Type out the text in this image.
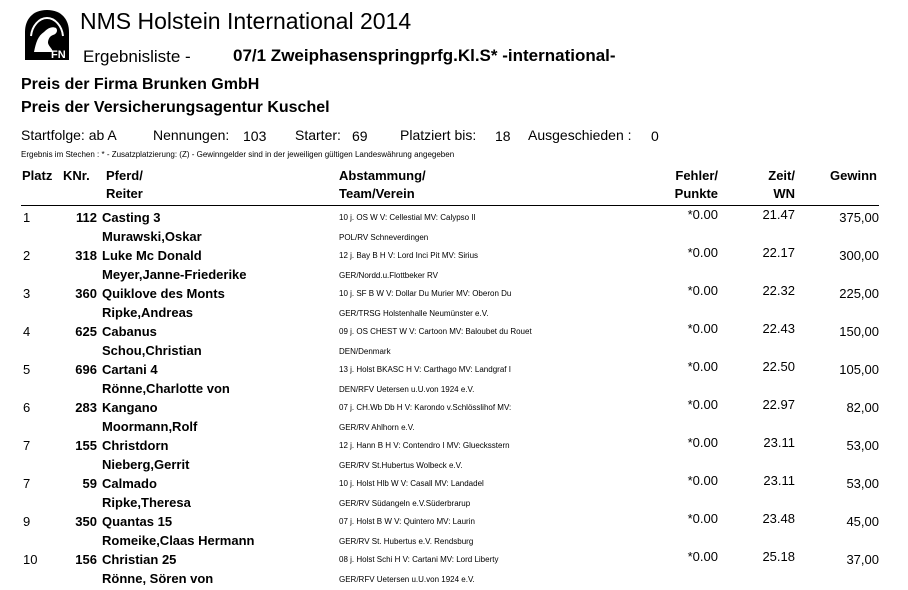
FN
NMS Holstein International 2014
Ergebnisliste - 07/1 Zweiphasenspringprfg.Kl.S* -international-
Preis der Firma Brunken GmbH
Preis der Versicherungsagentur Kuschel
Startfolge: ab A	Nennungen: 103 Starter: 69 Platziert bis: 18 Ausgeschieden : 0
Ergebnis im Stechen : * - Zusatzplatzierung: (Z) - Gewinngelder sind in der jeweiligen gültigen Landeswährung angegeben
Platz KNr. Pferd/
Reiter
Abstammung/
Team/Verein
Fehler/
Punkte
Zeit/
WN
Gewinn
1	112 Casting 3
Murawski,Oskar
10 j. OS W V: Cellestial MV: Calypso II
POL/RV Schneverdingen
*0.00	21.47	375,00
2	318 Luke Mc Donald
Meyer,Janne-Friederike
12 j. Bay B H V: Lord Inci Pit MV: Sirius
GER/Nordd.u.Flottbeker RV
*0.00	22.17	300,00
3	360 Quiklove des Monts
Ripke,Andreas
10 j. SF B W V: Dollar Du Murier MV: Oberon Du
GER/TRSG Holstenhalle Neumünster e.V.
*0.00	22.32	225,00
4	625 Cabanus
Schou,Christian
09 j. OS CHEST W V: Cartoon MV: Baloubet du Rouet
DEN/Denmark
*0.00	22.43	150,00
5	696 Cartani 4
Rönne,Charlotte von
13 j. Holst BKASC H V: Carthago MV: Landgraf I
DEN/RFV Uetersen u.U.von 1924 e.V.
*0.00	22.50	105,00
6	283 Kangano
Moormann,Rolf
07 j. CH.Wb Db H V: Karondo v.Schlösslihof MV:
GER/RV Ahlhorn e.V.
*0.00	22.97	82,00
7	155 Christdorn
Nieberg,Gerrit
12 j. Hann B H V: Contendro I MV: Gluecksstern
GER/RV St.Hubertus Wolbeck e.V.
*0.00	23.11	53,00
7	59 Calmado
Ripke,Theresa
10 j. Holst Hlb W V: Casall MV: Landadel
GER/RV Südangeln e.V.Süderbrarup
*0.00	23.11	53,00
9	350 Quantas 15
Romeike,Claas Hermann
07 j. Holst B W V: Quintero MV: Laurin
GER/RV St. Hubertus e.V. Rendsburg
*0.00	23.48	45,00
10	156 Christian 25
Rönne, Sören von
08 j. Holst Schi H V: Cartani MV: Lord Liberty
GER/RFV Uetersen u.U.von 1924 e.V.
*0.00	25.18	37,00
